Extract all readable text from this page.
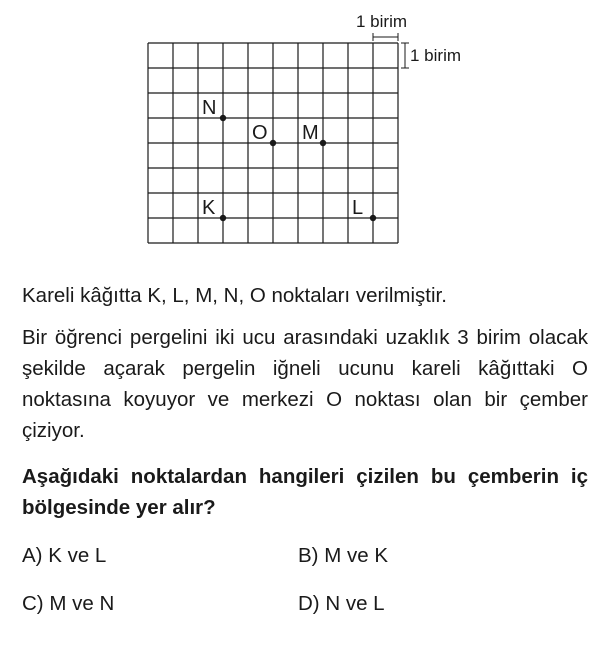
N
O M
K	L
1 birim
1 birim

Kareli kâğıtta K, L, M, N, O noktaları verilmiştir.

Bir öğrenci pergelini iki ucu arasındaki uzaklık 3 birim olacak şekilde açarak pergelin iğneli ucunu kareli kâğıttaki O noktasına koyuyor ve merkezi O noktası olan bir çember çiziyor.

Aşağıdaki noktalardan hangileri çizilen bu çemberin iç bölgesinde yer alır?

A) K ve L	B) M ve K
C) M ve N	D) N ve L
